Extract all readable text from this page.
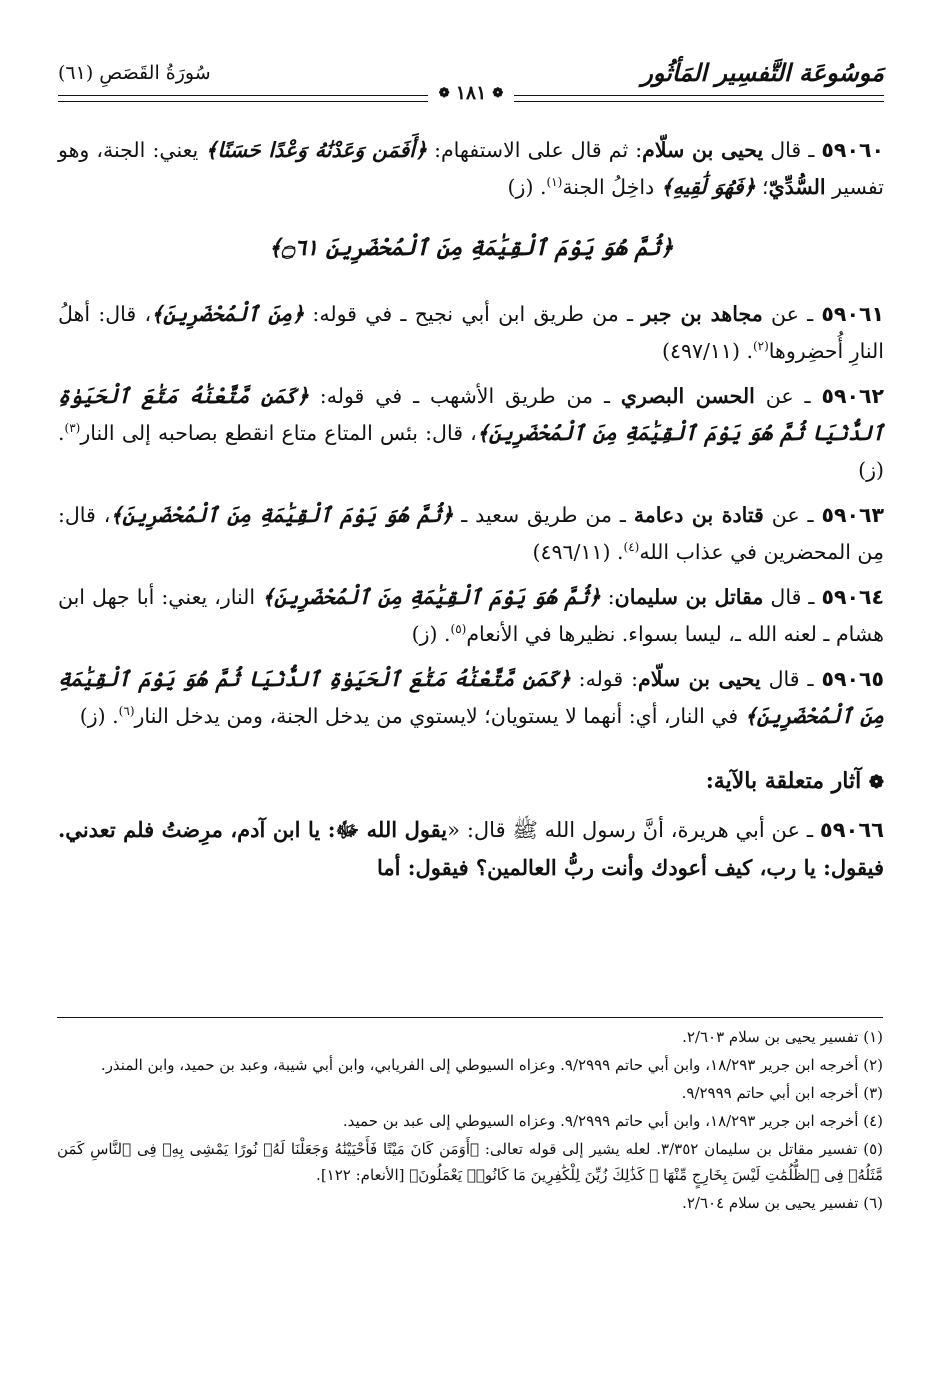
مَوسُوعَة التَّفسِير المَأثُور
سُورَةُ القَصَصِ (٦١)
❁
١٨١
❁

٥٩٠٦٠ ـ قال يحيى بن سلّام: ثم قال على الاستفهام: ﴿أَفَمَن وَعَدْنَٰهُ وَعْدًا حَسَنًا﴾ يعني: الجنة، وهو تفسير السُّدِّيّ؛ ﴿فَهُوَ لَٰقِيهِ﴾ داخِلُ الجنة$^{(١)}$. (ز)

﴿ثُمَّ هُوَ يَوْمَ ٱلْقِيَٰمَةِ مِنَ ٱلْمُحْضَرِينَ ۝٦١﴾

٥٩٠٦١ ـ عن مجاهد بن جبر ـ من طريق ابن أبي نجيح ـ في قوله: ﴿مِنَ ٱلْمُحْضَرِينَ﴾، قال: أهلُ النارِ أُحضِروها$^{(٢)}$. (٤٩٧/١١)

٥٩٠٦٢ ـ عن الحسن البصري ـ من طريق الأشهب ـ في قوله: ﴿كَمَن مَّتَّعْنَٰهُ مَتَٰعَ ٱلْحَيَوٰةِ ٱلدُّنْيَا ثُمَّ هُوَ يَوْمَ ٱلْقِيَٰمَةِ مِنَ ٱلْمُحْضَرِينَ﴾، قال: بئس المتاع متاع انقطع بصاحبه إلى النار$^{(٣)}$. (ز)

٥٩٠٦٣ ـ عن قتادة بن دعامة ـ من طريق سعيد ـ ﴿ثُمَّ هُوَ يَوْمَ ٱلْقِيَٰمَةِ مِنَ ٱلْمُحْضَرِينَ﴾، قال: مِن المحضرين في عذاب الله$^{(٤)}$. (٤٩٦/١١)

٥٩٠٦٤ ـ قال مقاتل بن سليمان: ﴿ثُمَّ هُوَ يَوْمَ ٱلْقِيَٰمَةِ مِنَ ٱلْمُحْضَرِينَ﴾ النار، يعني: أبا جهل ابن هشام ـ لعنه الله ـ، ليسا بسواء. نظيرها في الأنعام$^{(٥)}$. (ز)

٥٩٠٦٥ ـ قال يحيى بن سلّام: قوله: ﴿كَمَن مَّتَّعْنَٰهُ مَتَٰعَ ٱلْحَيَوٰةِ ٱلدُّنْيَا ثُمَّ هُوَ يَوْمَ ٱلْقِيَٰمَةِ مِنَ ٱلْمُحْضَرِينَ﴾ في النار، أي: أنهما لا يستويان؛ لايستوي من يدخل الجنة، ومن يدخل النار$^{(٦)}$. (ز)

❁ آثار متعلقة بالآية:

٥٩٠٦٦ ـ عن أبي هريرة، أنَّ رسول الله ﷺ قال: «يقول الله ﷻ: يا ابن آدم، مرِضتُ فلم تعدني. فيقول: يا رب، كيف أعودك وأنت ربُّ العالمين؟ فيقول: أما

(١) تفسير يحيى بن سلام ٢/٦٠٣.

(٢) أخرجه ابن جرير ١٨/٢٩٣، وابن أبي حاتم ٩/٢٩٩٩. وعزاه السيوطي إلى الفريابي، وابن أبي شيبة، وعبد بن حميد، وابن المنذر.

(٣) أخرجه ابن أبي حاتم ٩/٢٩٩٩.

(٤) أخرجه ابن جرير ١٨/٢٩٣، وابن أبي حاتم ٩/٢٩٩٩. وعزاه السيوطي إلى عبد بن حميد.

(٥) تفسير مقاتل بن سليمان ٣/٣٥٢. لعله يشير إلى قوله تعالى: ﴿أَوَمَن كَانَ مَيْتًا فَأَحْيَيْنَٰهُ وَجَعَلْنَا لَهُۥ نُورًا يَمْشِى بِهِۦ فِى ٱلنَّاسِ كَمَن مَّثَلُهُۥ فِى ٱلظُّلُمَٰتِ لَيْسَ بِخَارِجٍ مِّنْهَا ۚ كَذَٰلِكَ زُيِّنَ لِلْكَٰفِرِينَ مَا كَانُوا۟ يَعْمَلُونَ﴾ [الأنعام: ١٢٢].

(٦) تفسير يحيى بن سلام ٢/٦٠٤.
